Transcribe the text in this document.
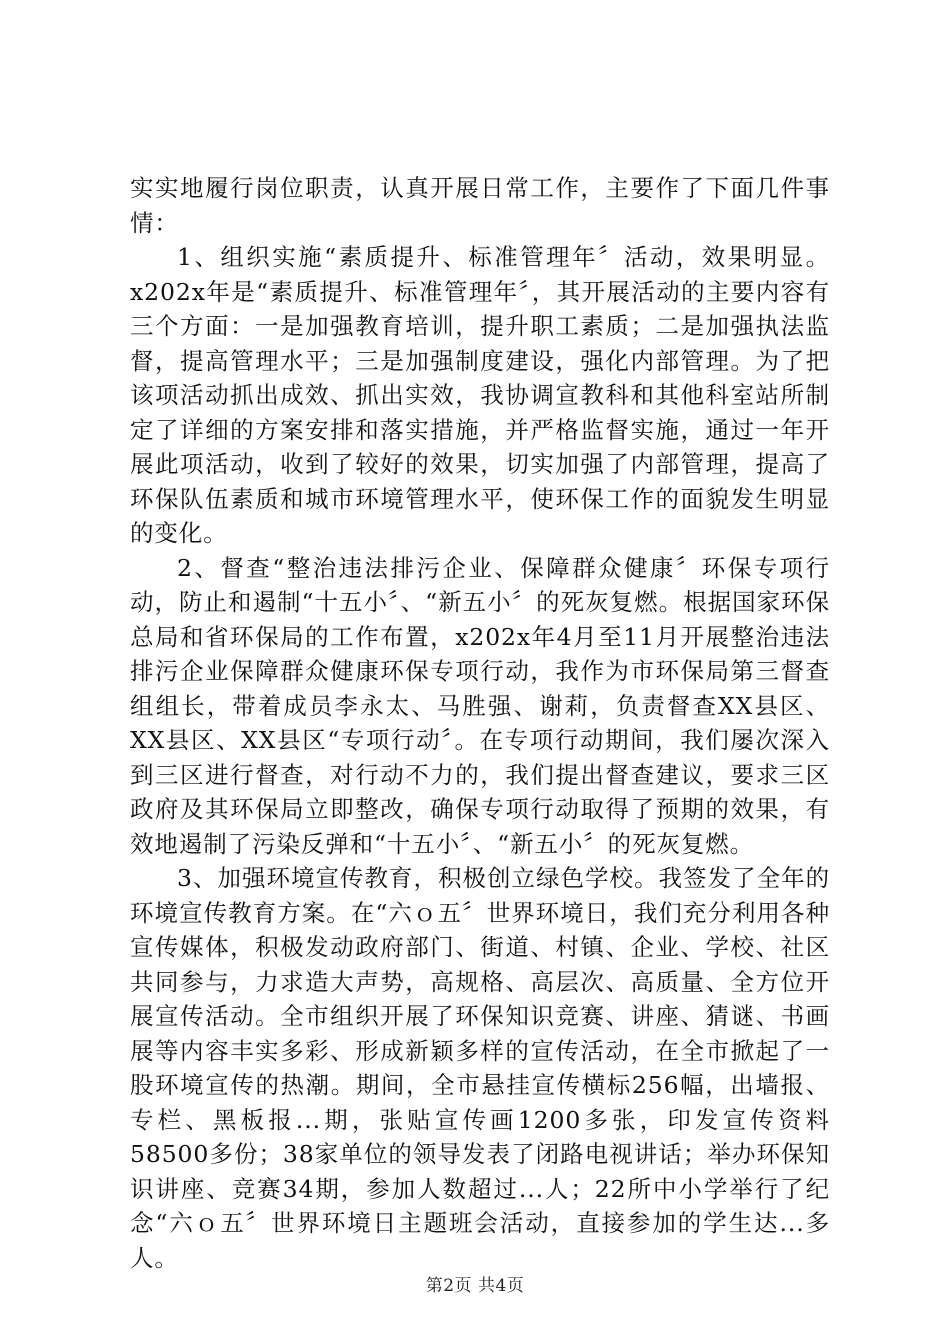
实实地履行岗位职责，认真开展日常工作，主要作了下面几件事情：

1、组织实施“素质提升、标准管理年〞活动，效果明显。x202x年是“素质提升、标准管理年〞，其开展活动的主要内容有三个方面：一是加强教育培训，提升职工素质；二是加强执法监督，提高管理水平；三是加强制度建设，强化内部管理。为了把该项活动抓出成效、抓出实效，我协调宣教科和其他科室站所制定了详细的方案安排和落实措施，并严格监督实施，通过一年开展此项活动，收到了较好的效果，切实加强了内部管理，提高了环保队伍素质和城市环境管理水平，使环保工作的面貌发生明显的变化。

2、督查“整治违法排污企业、保障群众健康〞环保专项行动，防止和遏制“十五小〞、“新五小〞的死灰复燃。根据国家环保总局和省环保局的工作布置，x202x年4月至11月开展整治违法排污企业保障群众健康环保专项行动，我作为市环保局第三督查组组长，带着成员李永太、马胜强、谢莉，负责督查XX县区、XX县区、XX县区“专项行动〞。在专项行动期间，我们屡次深入到三区进行督查，对行动不力的，我们提出督查建议，要求三区政府及其环保局立即整改，确保专项行动取得了预期的效果，有效地遏制了污染反弹和“十五小〞、“新五小〞的死灰复燃。

3、加强环境宣传教育，积极创立绿色学校。我签发了全年的环境宣传教育方案。在“六ｏ五〞世界环境日，我们充分利用各种宣传媒体，积极发动政府部门、街道、村镇、企业、学校、社区共同参与，力求造大声势，高规格、高层次、高质量、全方位开展宣传活动。全市组织开展了环保知识竞赛、讲座、猜谜、书画展等内容丰实多彩、形成新颖多样的宣传活动，在全市掀起了一股环境宣传的热潮。期间，全市悬挂宣传横标256幅，出墙报、专栏、黑板报...期，张贴宣传画1200多张，印发宣传资料58500多份；38家单位的领导发表了闭路电视讲话；举办环保知识讲座、竞赛34期，参加人数超过...人；22所中小学举行了纪念“六ｏ五〞世界环境日主题班会活动，直接参加的学生达...多人。

第2页 共4页
